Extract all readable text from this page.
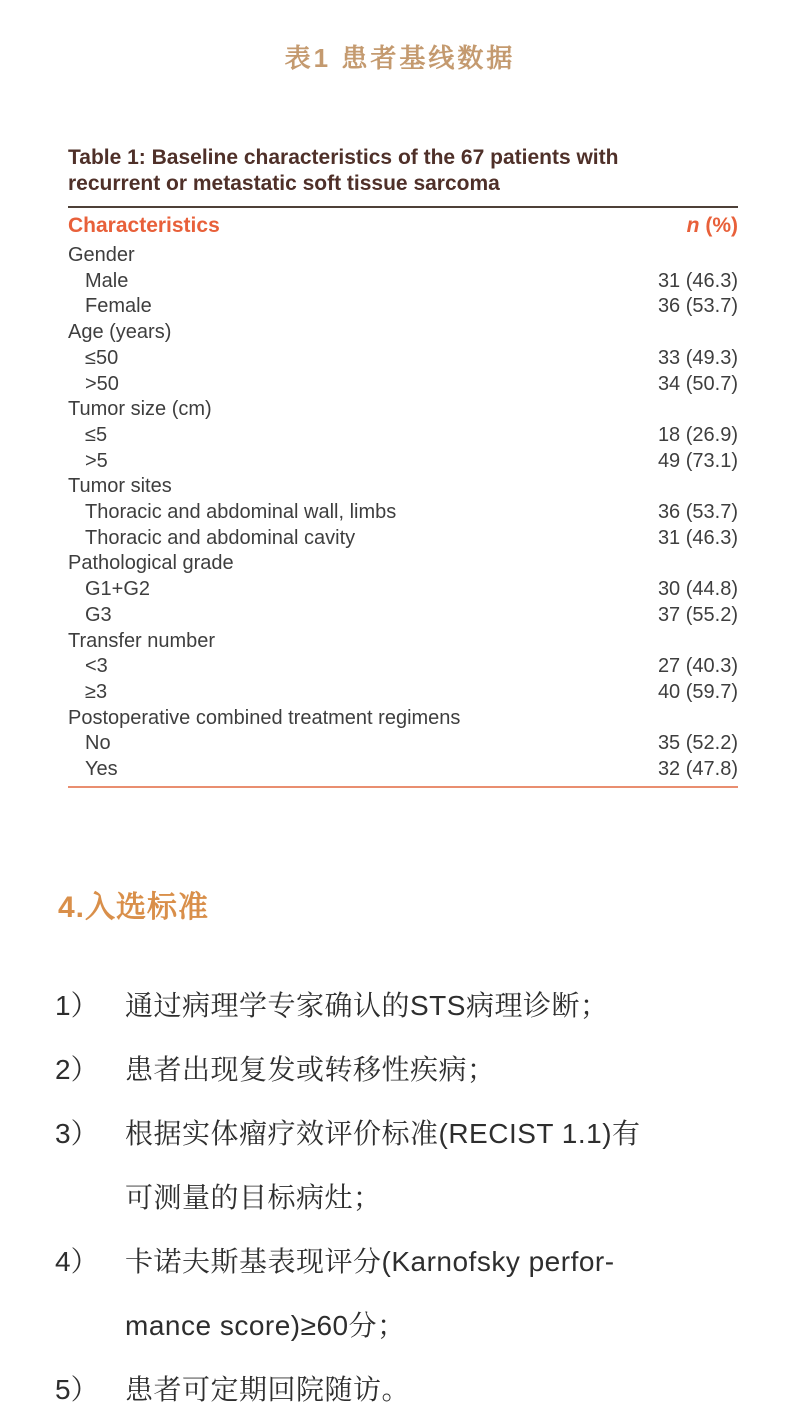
表1 患者基线数据
Table 1: Baseline characteristics of the 67 patients with
recurrent or metastatic soft tissue sarcoma
Characteristics	n (%)
Gender
Male	31 (46.3)
Female	36 (53.7)
Age (years)
≤50	33 (49.3)
>50	34 (50.7)
Tumor size (cm)
≤5	18 (26.9)
>5	49 (73.1)
Tumor sites
Thoracic and abdominal wall, limbs	36 (53.7)
Thoracic and abdominal cavity	31 (46.3)
Pathological grade
G1+G2	30 (44.8)
G3	37 (55.2)
Transfer number
<3	27 (40.3)
≥3	40 (59.7)
Postoperative combined treatment regimens
No	35 (52.2)
Yes	32 (47.8)
4.入选标准
1） 通过病理学专家确认的STS病理诊断；
2） 患者出现复发或转移性疾病；
3） 根据实体瘤疗效评价标准(RECIST 1.1)有
可测量的目标病灶；
4） 卡诺夫斯基表现评分(Karnofsky perfor-
mance score)≥60分；
5） 患者可定期回院随访。
